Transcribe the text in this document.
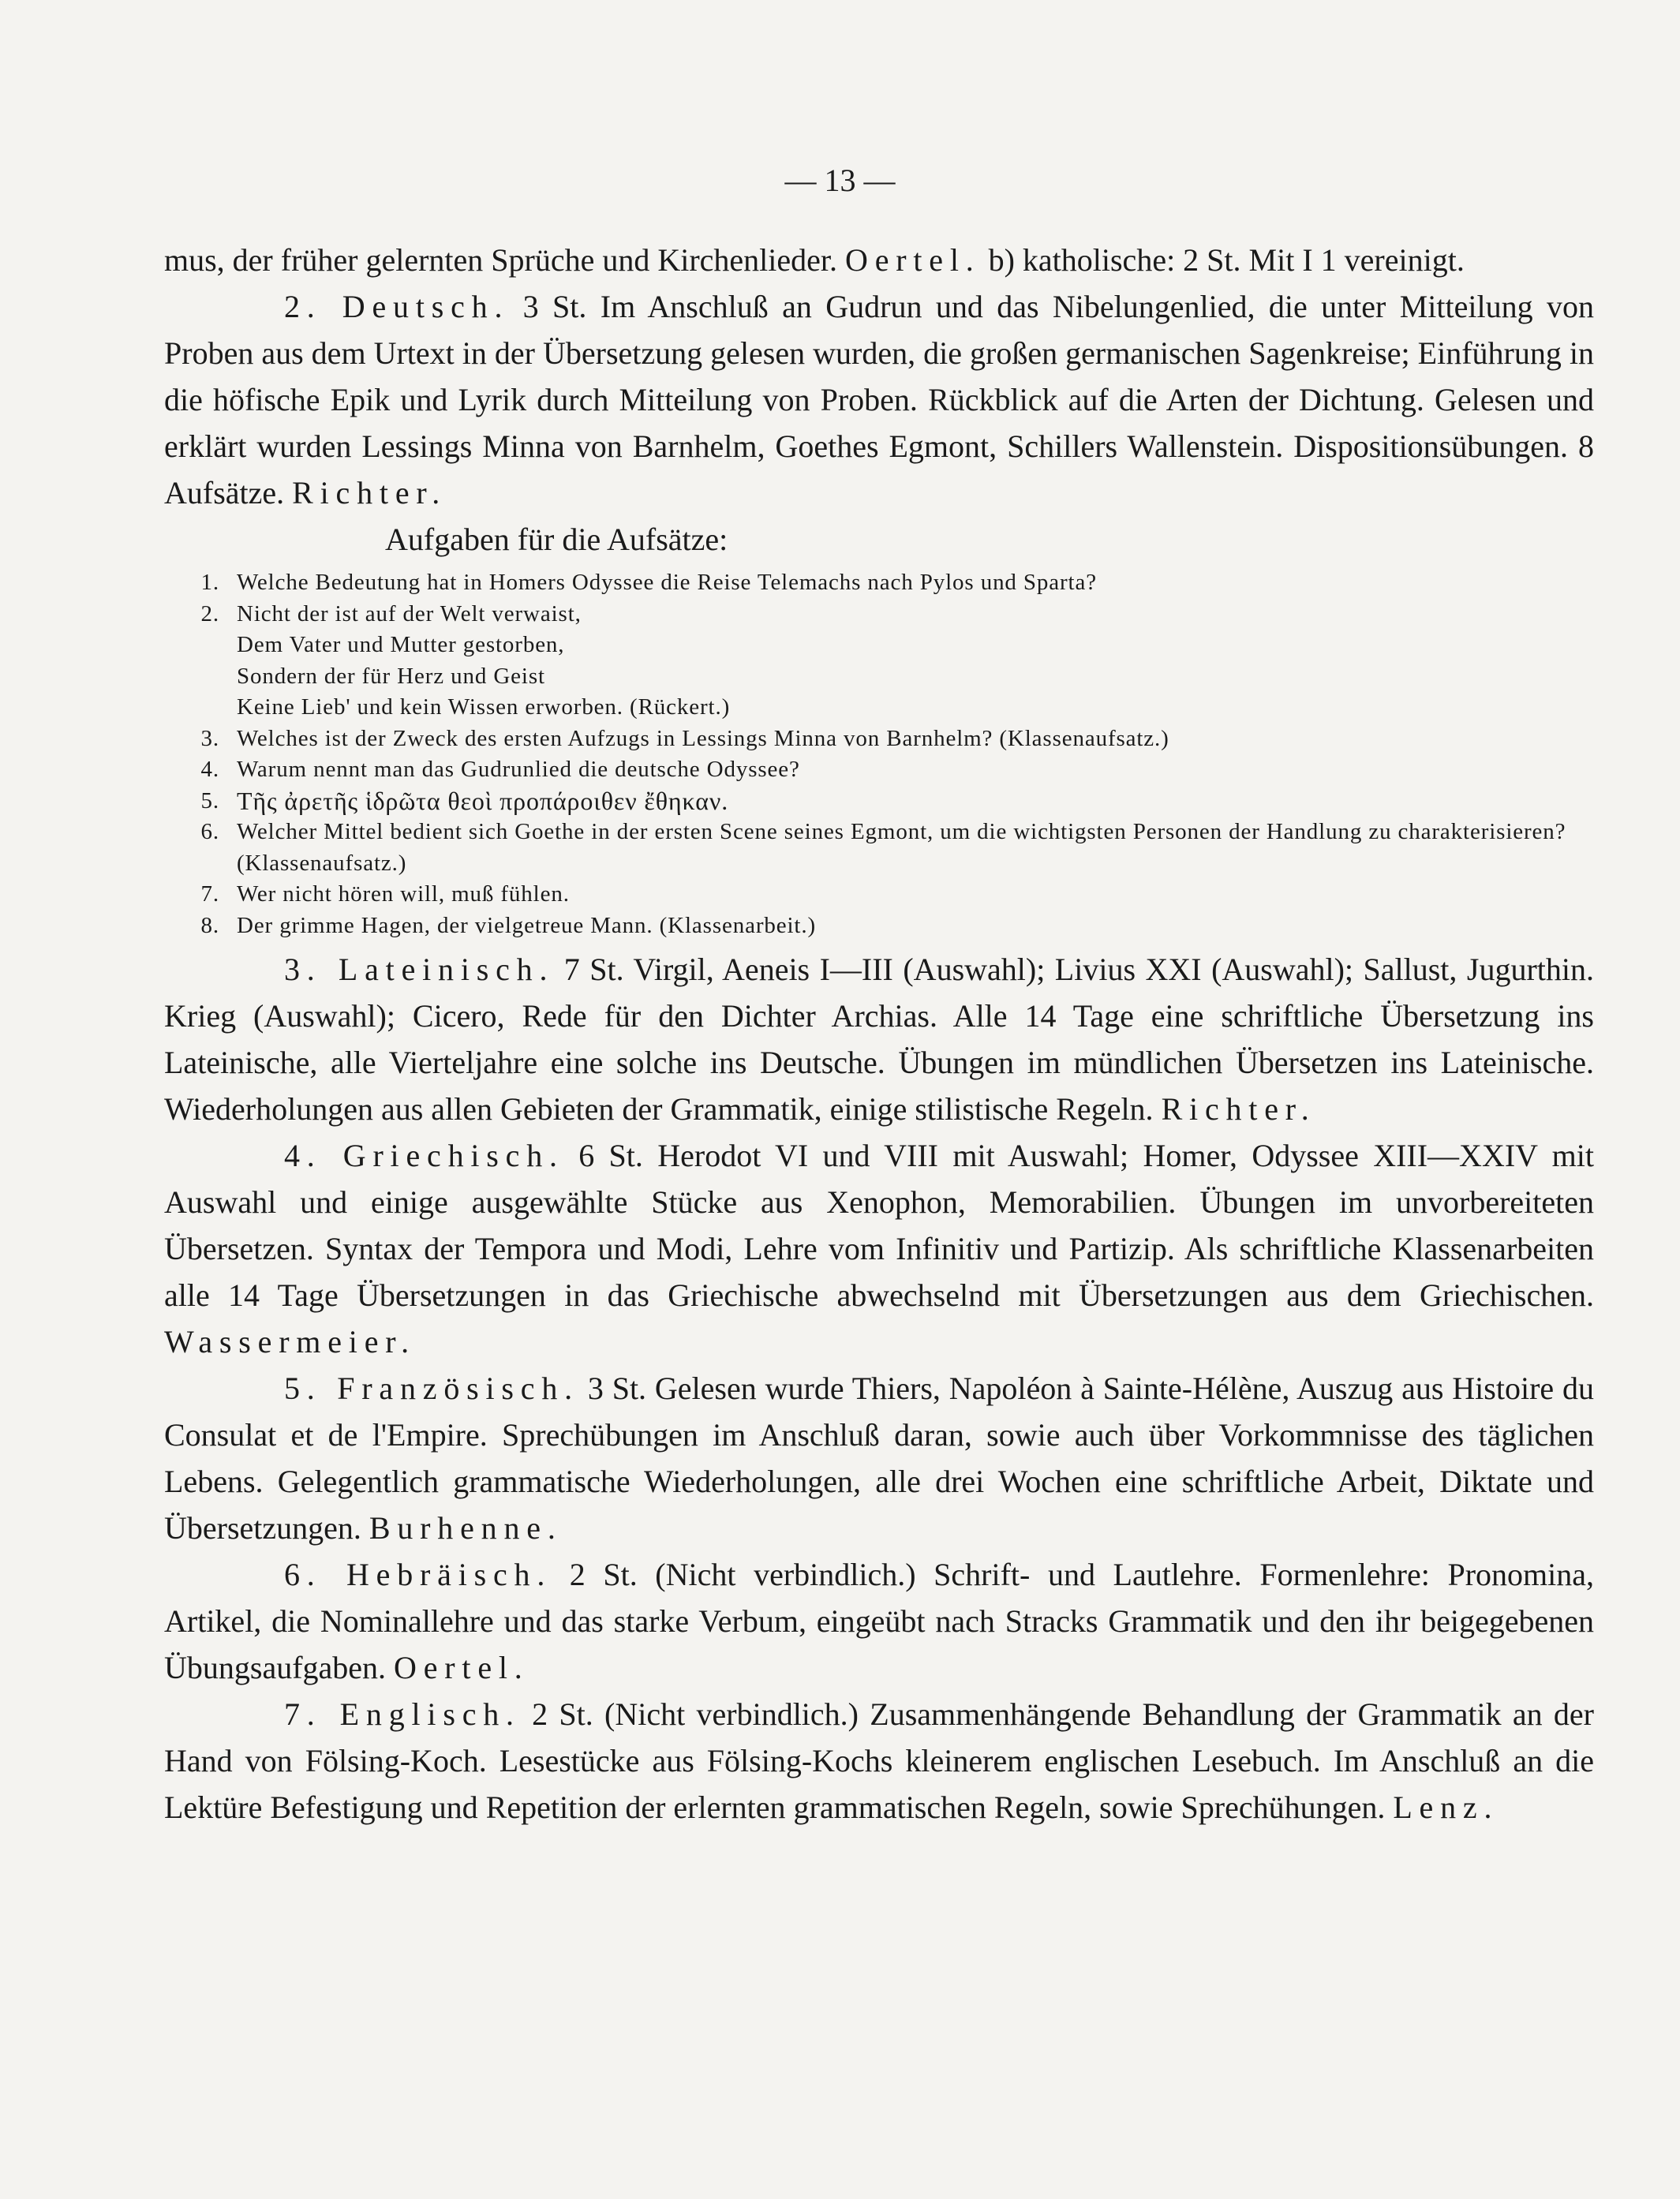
— 13 —

mus, der früher gelernten Sprüche und Kirchenlieder. Oertel. b) katholische: 2 St. Mit I 1 vereinigt.

2. Deutsch. 3 St. Im Anschluß an Gudrun und das Nibelungenlied, die unter Mitteilung von Proben aus dem Urtext in der Übersetzung gelesen wurden, die großen germanischen Sagenkreise; Einführung in die höfische Epik und Lyrik durch Mitteilung von Proben. Rückblick auf die Arten der Dichtung. Gelesen und erklärt wurden Lessings Minna von Barnhelm, Goethes Egmont, Schillers Wallenstein. Dispositionsübungen. 8 Aufsätze. Richter.

Aufgaben für die Aufsätze:
1. Welche Bedeutung hat in Homers Odyssee die Reise Telemachs nach Pylos und Sparta?
2. Nicht der ist auf der Welt verwaist,
Dem Vater und Mutter gestorben,
Sondern der für Herz und Geist
Keine Lieb' und kein Wissen erworben. (Rückert.)
3. Welches ist der Zweck des ersten Aufzugs in Lessings Minna von Barnhelm? (Klassenaufsatz.)
4. Warum nennt man das Gudrunlied die deutsche Odyssee?
5. Τῆς ἀρετῆς ἱδρῶτα θεοὶ προπάροιθεν ἔθηκαν.
6. Welcher Mittel bedient sich Goethe in der ersten Scene seines Egmont, um die wichtigsten Personen der Handlung zu charakterisieren? (Klassenaufsatz.)
7. Wer nicht hören will, muß fühlen.
8. Der grimme Hagen, der vielgetreue Mann. (Klassenarbeit.)

3. Lateinisch. 7 St. Virgil, Aeneis I—III (Auswahl); Livius XXI (Auswahl); Sallust, Jugurthin. Krieg (Auswahl); Cicero, Rede für den Dichter Archias. Alle 14 Tage eine schriftliche Übersetzung ins Lateinische, alle Vierteljahre eine solche ins Deutsche. Übungen im mündlichen Übersetzen ins Lateinische. Wiederholungen aus allen Gebieten der Grammatik, einige stilistische Regeln. Richter.

4. Griechisch. 6 St. Herodot VI und VIII mit Auswahl; Homer, Odyssee XIII—XXIV mit Auswahl und einige ausgewählte Stücke aus Xenophon, Memorabilien. Übungen im unvorbereiteten Übersetzen. Syntax der Tempora und Modi, Lehre vom Infinitiv und Partizip. Als schriftliche Klassenarbeiten alle 14 Tage Übersetzungen in das Griechische abwechselnd mit Übersetzungen aus dem Griechischen. Wassermeier.

5. Französisch. 3 St. Gelesen wurde Thiers, Napoléon à Sainte-Hélène, Auszug aus Histoire du Consulat et de l'Empire. Sprechübungen im Anschluß daran, sowie auch über Vorkommnisse des täglichen Lebens. Gelegentlich grammatische Wiederholungen, alle drei Wochen eine schriftliche Arbeit, Diktate und Übersetzungen. Burhenne.

6. Hebräisch. 2 St. (Nicht verbindlich.) Schrift- und Lautlehre. Formenlehre: Pronomina, Artikel, die Nominallehre und das starke Verbum, eingeübt nach Stracks Grammatik und den ihr beigegebenen Übungsaufgaben. Oertel.

7. Englisch. 2 St. (Nicht verbindlich.) Zusammenhängende Behandlung der Grammatik an der Hand von Fölsing-Koch. Lesestücke aus Fölsing-Kochs kleinerem englischen Lesebuch. Im Anschluß an die Lektüre Befestigung und Repetition der erlernten grammatischen Regeln, sowie Sprechühungen. Lenz.
